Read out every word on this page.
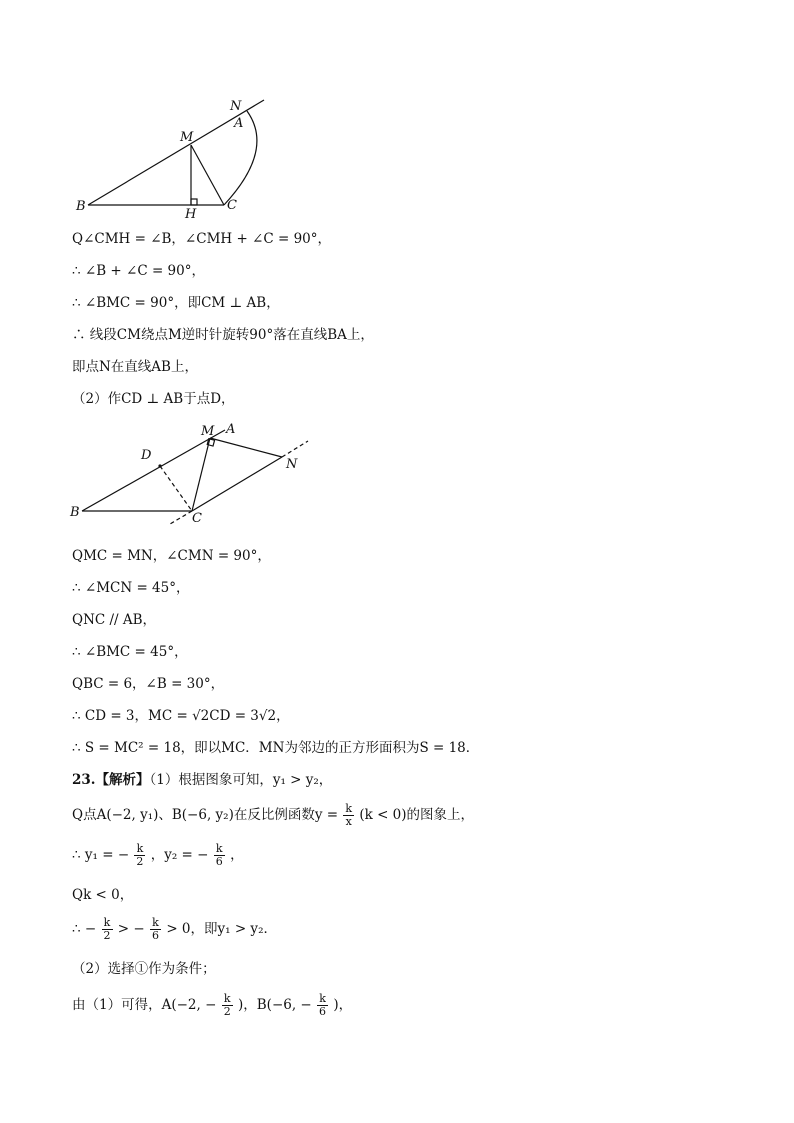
N
A
M
B
H
C
Q∠CMH = ∠B，∠CMH + ∠C = 90°，
∴ ∠B + ∠C = 90°，
∴ ∠BMC = 90°，即CM ⊥ AB，
∴ 线段CM绕点M逆时针旋转90°落在直线BA上，
即点N在直线AB上，
（2）作CD ⊥ AB于点D，
M A
D
N
B	C
QMC = MN，∠CMN = 90°，
∴ ∠MCN = 45°，
QNC // AB，
∴ ∠BMC = 45°，
QBC = 6，∠B = 30°，
∴ CD = 3，MC = √2CD = 3√2，
∴ S = MC² = 18，即以MC．MN为邻边的正方形面积为S = 18．
23.【解析】（1）根据图象可知，y₁ > y₂，
Q点A(−2, y₁)、B(−6, y₂)在反比例函数$y = \frac{k}{x} (k < 0)$的图象上，
∴ y₁ = − $\frac{k}{2}$ ，y₂ = − $\frac{k}{6}$ ，
Qk < 0，
∴ − $\frac{k}{2}$ > − $\frac{k}{6} > 0$，即y₁ > y₂．
（2）选择①作为条件；
由（1）可得，A(−2, − $\frac{k}{2}$ )，B(−6, − $\frac{k}{6}$ )，
